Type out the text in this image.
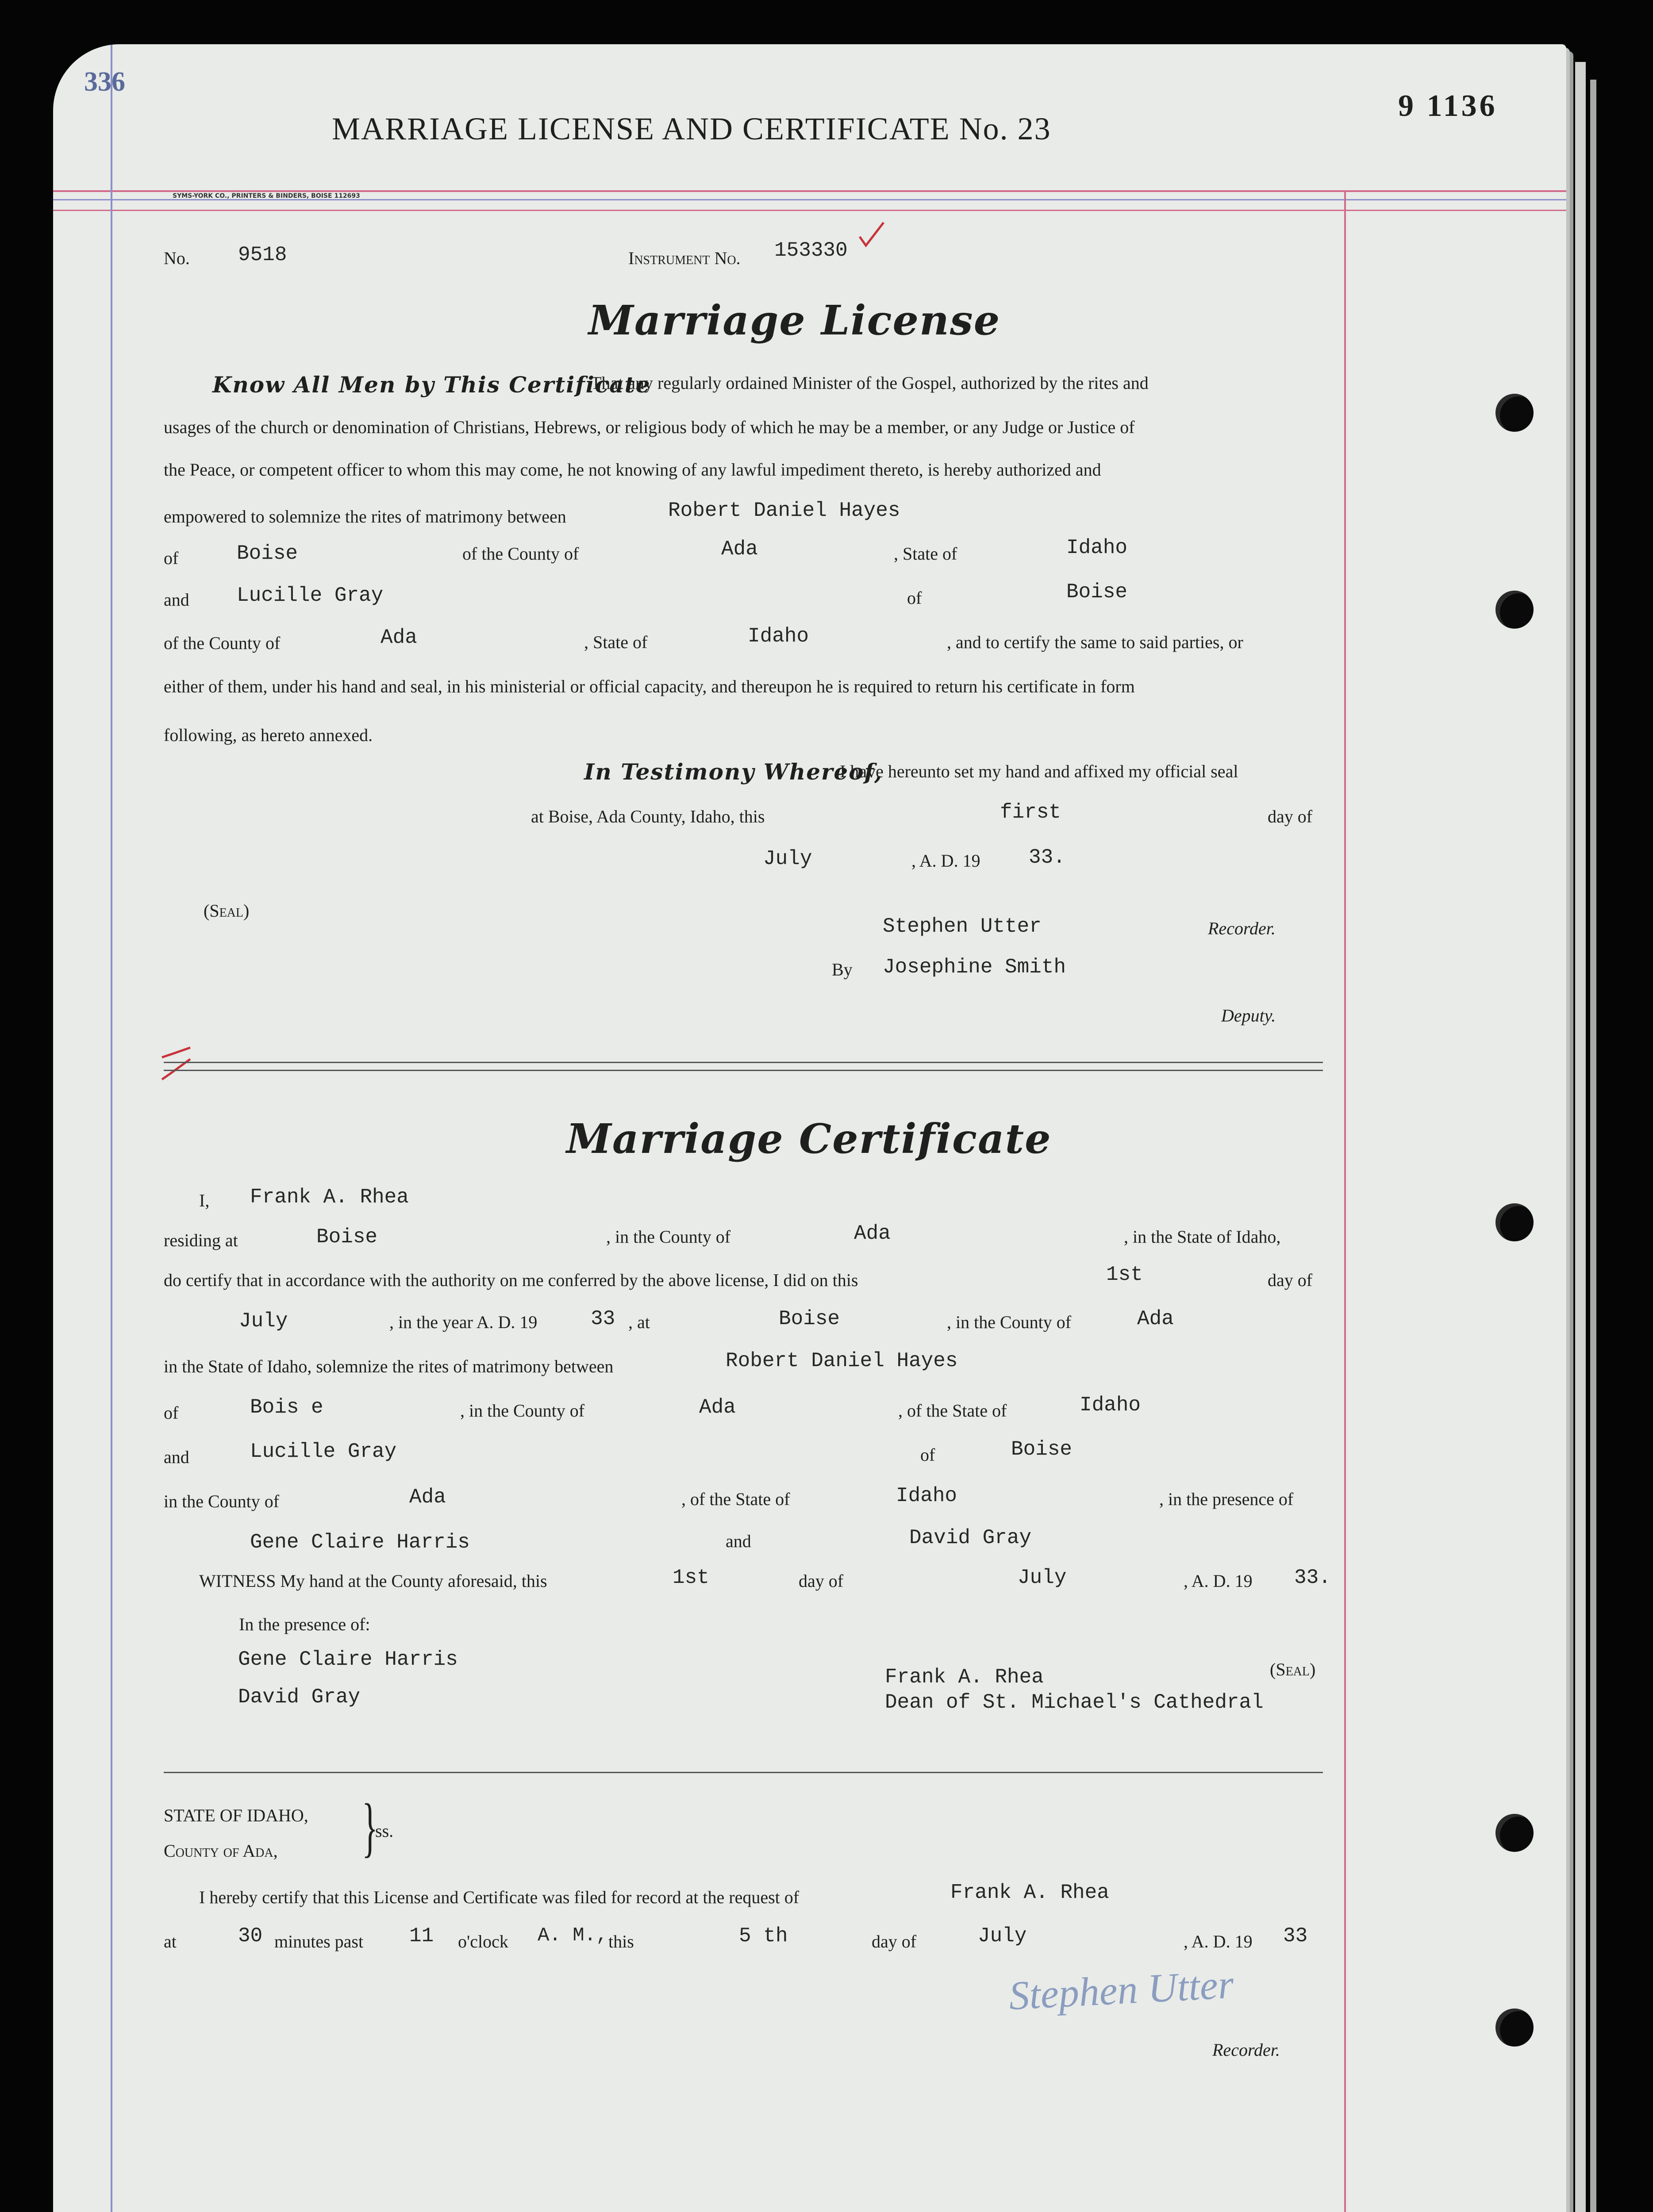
336
MARRIAGE LICENSE AND CERTIFICATE No. 23
9 1136
SYMS-YORK CO., PRINTERS & BINDERS, BOISE 112693
No. 9518	Instrument No. 153330
Marriage License
Know All Men by This Certificate
That any regularly ordained Minister of the Gospel, authorized by the rites and
usages of the church or denomination of Christians, Hebrews, or religious body of which he may be a member, or any Judge or Justice of
the Peace, or competent officer to whom this may come, he not knowing of any lawful impediment thereto, is hereby authorized and
empowered to solemnize the rites of matrimony between	Robert Daniel Hayes
of	Boise	of the County of	Ada	, State of	Idaho
and Lucille Gray	of	Boise
of the County of	Ada	, State of	Idaho	, and to certify the same to said parties, or
either of them, under his hand and seal, in his ministerial or official capacity, and thereupon he is required to return his certificate in form
following, as hereto annexed.
In Testimony Whereof,
I have hereunto set my hand and affixed my official seal
at Boise, Ada County, Idaho, this	first	day of
July	, A. D. 19 33.
(Seal)
Stephen Utter	Recorder.
By Josephine Smith
Deputy.
Marriage Certificate
I, Frank A. Rhea
residing at	Boise	, in the County of	Ada	, in the State of Idaho,
do certify that in accordance with the authority on me conferred by the above license, I did on this	1st	day of
July	, in the year A. D. 19	33 , at	Boise	, in the County of	Ada
in the State of Idaho, solemnize the rites of matrimony between	Robert Daniel Hayes
of	Bois e	, in the County of	Ada	, of the State of	Idaho
and	Lucille Gray	of	Boise
in the County of	Ada	, of the State of	Idaho	, in the presence of
Gene Claire Harris	and	David Gray
WITNESS My hand at the County aforesaid, this	1st	day of	July	, A. D. 19 33.
In the presence of:
Gene Claire Harris
David Gray
(Seal)
Frank A. Rhea
Dean of St. Michael's Cathedral
STATE OF IDAHO,
County of Ada, }
ss.
I hereby certify that this License and Certificate was filed for record at the request of	Frank A. Rhea
at	30 minutes past 11 o'clock A. M., this	5 th	day of	July	, A. D. 19 33
Stephen Utter
Recorder.
